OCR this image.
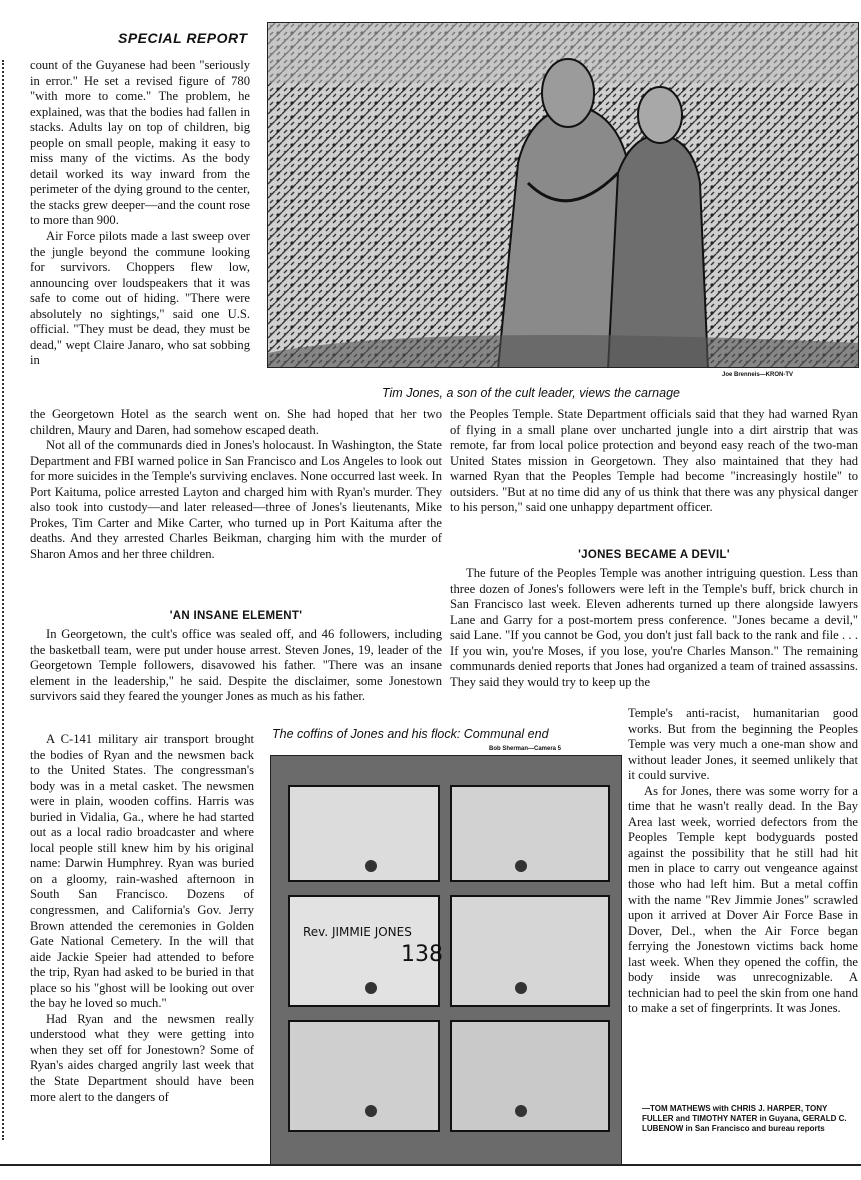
SPECIAL REPORT
Joe Brenneis—KRON-TV
Tim Jones, a son of the cult leader, views the carnage

count of the Guyanese had been "seriously in error." He set a revised figure of 780 "with more to come." The problem, he explained, was that the bodies had fallen in stacks. Adults lay on top of children, big people on small people, making it easy to miss many of the victims. As the body detail worked its way inward from the perimeter of the dying ground to the center, the stacks grew deeper—and the count rose to more than 900.

Air Force pilots made a last sweep over the jungle beyond the commune looking for survivors. Choppers flew low, announcing over loudspeakers that it was safe to come out of hiding. "There were absolutely no sightings," said one U.S. official. "They must be dead, they must be dead," wept Claire Janaro, who sat sobbing in

the Georgetown Hotel as the search went on. She had hoped that her two children, Maury and Daren, had somehow escaped death.

Not all of the communards died in Jones's holocaust. In Washington, the State Department and FBI warned police in San Francisco and Los Angeles to look out for more suicides in the Temple's surviving enclaves. None occurred last week. In Port Kaituma, police arrested Layton and charged him with Ryan's murder. They also took into custody—and later released—three of Jones's lieutenants, Mike Prokes, Tim Carter and Mike Carter, who turned up in Port Kaituma after the deaths. And they arrested Charles Beikman, charging him with the murder of Sharon Amos and her three children.

'AN INSANE ELEMENT'

In Georgetown, the cult's office was sealed off, and 46 followers, including the basketball team, were put under house arrest. Steven Jones, 19, leader of the Georgetown Temple followers, disavowed his father. "There was an insane element in the leadership," he said. Despite the disclaimer, some Jonestown survivors said they feared the younger Jones as much as his father.

A C-141 military air transport brought the bodies of Ryan and the newsmen back to the United States. The congressman's body was in a metal casket. The newsmen were in plain, wooden coffins. Harris was buried in Vidalia, Ga., where he had started out as a local radio broadcaster and where local people still knew him by his original name: Darwin Humphrey. Ryan was buried on a gloomy, rain-washed afternoon in South San Francisco. Dozens of congressmen, and California's Gov. Jerry Brown attended the ceremonies in Golden Gate National Cemetery. In the will that aide Jackie Speier had attended to before the trip, Ryan had asked to be buried in that place so his "ghost will be looking out over the bay he loved so much."

Had Ryan and the newsmen really understood what they were getting into when they set off for Jonestown? Some of Ryan's aides charged angrily last week that the State Department should have been more alert to the dangers of

The coffins of Jones and his flock: Communal end
Bob Sherman—Camera 5
Rev. JIMMIE JONES
138

the Peoples Temple. State Department officials said that they had warned Ryan of flying in a small plane over uncharted jungle into a dirt airstrip that was remote, far from local police protection and beyond easy reach of the two-man United States mission in Georgetown. They also maintained that they had warned Ryan that the Peoples Temple had become "increasingly hostile" to outsiders. "But at no time did any of us think that there was any physical danger to his person," said one unhappy department officer.

'JONES BECAME A DEVIL'

The future of the Peoples Temple was another intriguing question. Less than three dozen of Jones's followers were left in the Temple's buff, brick church in San Francisco last week. Eleven adherents turned up there alongside lawyers Lane and Garry for a post-mortem press conference. "Jones became a devil," said Lane. "If you cannot be God, you don't just fall back to the rank and file . . . If you win, you're Moses, if you lose, you're Charles Manson." The remaining communards denied reports that Jones had organized a team of trained assassins. They said they would try to keep up the

Temple's anti-racist, humanitarian good works. But from the beginning the Peoples Temple was very much a one-man show and without leader Jones, it seemed unlikely that it could survive.

As for Jones, there was some worry for a time that he wasn't really dead. In the Bay Area last week, worried defectors from the Peoples Temple kept bodyguards posted against the possibility that he still had hit men in place to carry out vengeance against those who had left him. But a metal coffin with the name "Rev Jimmie Jones" scrawled upon it arrived at Dover Air Force Base in Dover, Del., when the Air Force began ferrying the Jonestown victims back home last week. When they opened the coffin, the body inside was unrecognizable. A technician had to peel the skin from one hand to make a set of fingerprints. It was Jones.

—TOM MATHEWS with CHRIS J. HARPER, TONY FULLER and TIMOTHY NATER in Guyana, GERALD C. LUBENOW in San Francisco and bureau reports
